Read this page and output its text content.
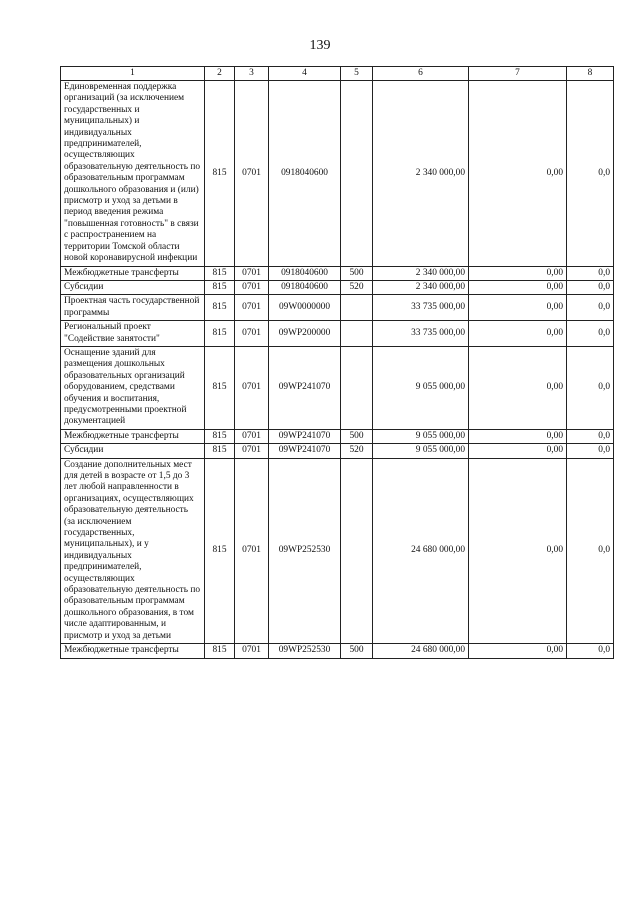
139
1	2	3	4	5	6	7	8
Единовременная поддержка организаций (за исключением государственных и муниципальных) и индивидуальных предпринимателей, осуществляющих образовательную деятельность по образовательным программам дошкольного образования и (или) присмотр и уход за детьми в период введения режима "повышенная готовность" в связи с распространением на территории Томской области новой коронавирусной инфекции	815	0701	0918040600		2 340 000,00	0,00	0,0
Межбюджетные трансферты	815	0701	0918040600	500	2 340 000,00	0,00	0,0
Субсидии	815	0701	0918040600	520	2 340 000,00	0,00	0,0
Проектная часть государственной программы	815	0701	09W0000000		33 735 000,00	0,00	0,0
Региональный проект "Содействие занятости"	815	0701	09WP200000		33 735 000,00	0,00	0,0
Оснащение зданий для размещения дошкольных образовательных организаций оборудованием, средствами обучения и воспитания, предусмотренными проектной документацией	815	0701	09WP241070		9 055 000,00	0,00	0,0
Межбюджетные трансферты	815	0701	09WP241070	500	9 055 000,00	0,00	0,0
Субсидии	815	0701	09WP241070	520	9 055 000,00	0,00	0,0
Создание дополнительных мест для детей в возрасте от 1,5 до 3 лет любой направленности в организациях, осуществляющих образовательную деятельность (за исключением государственных, муниципальных), и у индивидуальных предпринимателей, осуществляющих образовательную деятельность по образовательным программам дошкольного образования, в том числе адаптированным, и присмотр и уход за детьми	815	0701	09WP252530		24 680 000,00	0,00	0,0
Межбюджетные трансферты	815	0701	09WP252530	500	24 680 000,00	0,00	0,0
